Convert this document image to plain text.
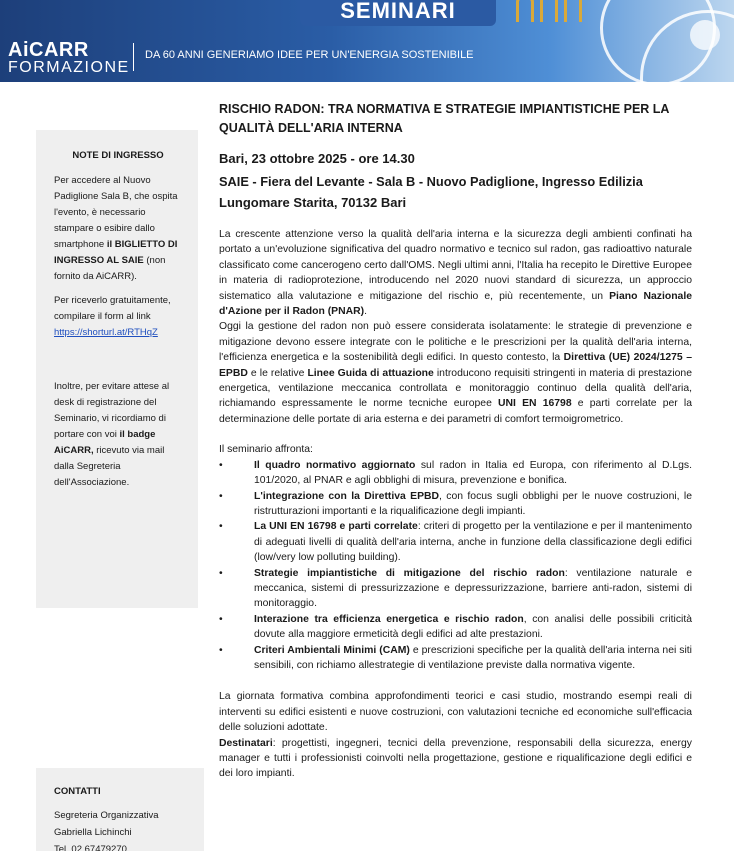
SEMINARI
AiCARR
FORMAZIONE
DA 60 ANNI GENERIAMO IDEE PER UN'ENERGIA SOSTENIBILE
NOTE DI INGRESSO

Per accedere al Nuovo Padiglione Sala B, che ospita l'evento, è necessario stampare o esibire dallo smartphone il BIGLIETTO DI INGRESSO AL SAIE (non fornito da AiCARR).

Per riceverlo gratuitamente, compilare il form al link
https://shorturl.at/RTHqZ

Inoltre, per evitare attese al desk di registrazione del Seminario, vi ricordiamo di portare con voi il badge AiCARR, ricevuto via mail dalla Segreteria dell'Associazione.

CONTATTI
Segreteria Organizzativa
Gabriella Lichinchi
Tel. 02 67479270
RISCHIO RADON: TRA NORMATIVA E STRATEGIE IMPIANTISTICHE PER LA QUALITÀ DELL'ARIA INTERNA
Bari, 23 ottobre 2025 - ore 14.30
SAIE - Fiera del Levante - Sala B - Nuovo Padiglione, Ingresso Edilizia
Lungomare Starita, 70132 Bari

La crescente attenzione verso la qualità dell'aria interna e la sicurezza degli ambienti confinati ha portato a un'evoluzione significativa del quadro normativo e tecnico sul radon, gas radioattivo naturale classificato come cancerogeno certo dall'OMS. Negli ultimi anni, l'Italia ha recepito le Direttive Europee in materia di radioprotezione, introducendo nel 2020 nuovi standard di sicurezza, un approccio sistematico alla valutazione e mitigazione del rischio e, più recentemente, un Piano Nazionale d'Azione per il Radon (PNAR).

Oggi la gestione del radon non può essere considerata isolatamente: le strategie di prevenzione e mitigazione devono essere integrate con le politiche e le prescrizioni per la qualità dell'aria interna, l'efficienza energetica e la sostenibilità degli edifici. In questo contesto, la Direttiva (UE) 2024/1275 – EPBD e le relative Linee Guida di attuazione introducono requisiti stringenti in materia di prestazione energetica, ventilazione meccanica controllata e monitoraggio continuo della qualità dell'aria, richiamando espressamente le norme tecniche europee UNI EN 16798 e parti correlate per la determinazione delle portate di aria esterna e dei parametri di comfort termoigrometrico.

Il seminario affronta:

•	Il quadro normativo aggiornato sul radon in Italia ed Europa, con riferimento al D.Lgs. 101/2020, al PNAR e agli obblighi di misura, prevenzione e bonifica.
•	L'integrazione con la Direttiva EPBD, con focus sugli obblighi per le nuove costruzioni, le ristrutturazioni importanti e la riqualificazione degli impianti.
•	La UNI EN 16798 e parti correlate: criteri di progetto per la ventilazione e per il mantenimento di adeguati livelli di qualità dell'aria interna, anche in funzione della classificazione degli edifici (low/very low polluting building).
•	Strategie impiantistiche di mitigazione del rischio radon: ventilazione naturale e meccanica, sistemi di pressurizzazione e depressurizzazione, barriere anti-radon, sistemi di monitoraggio.
•	Interazione tra efficienza energetica e rischio radon, con analisi delle possibili criticità dovute alla maggiore ermeticità degli edifici ad alte prestazioni.
•	Criteri Ambientali Minimi (CAM) e prescrizioni specifiche per la qualità dell'aria interna nei siti sensibili, con richiamo allestrategie di ventilazione previste dalla normativa vigente.

La giornata formativa combina approfondimenti teorici e casi studio, mostrando esempi reali di interventi su edifici esistenti e nuove costruzioni, con valutazioni tecniche ed economiche sull'efficacia delle soluzioni adottate.

Destinatari: progettisti, ingegneri, tecnici della prevenzione, responsabili della sicurezza, energy manager e tutti i professionisti coinvolti nella progettazione, gestione e riqualificazione degli edifici e dei loro impianti.
